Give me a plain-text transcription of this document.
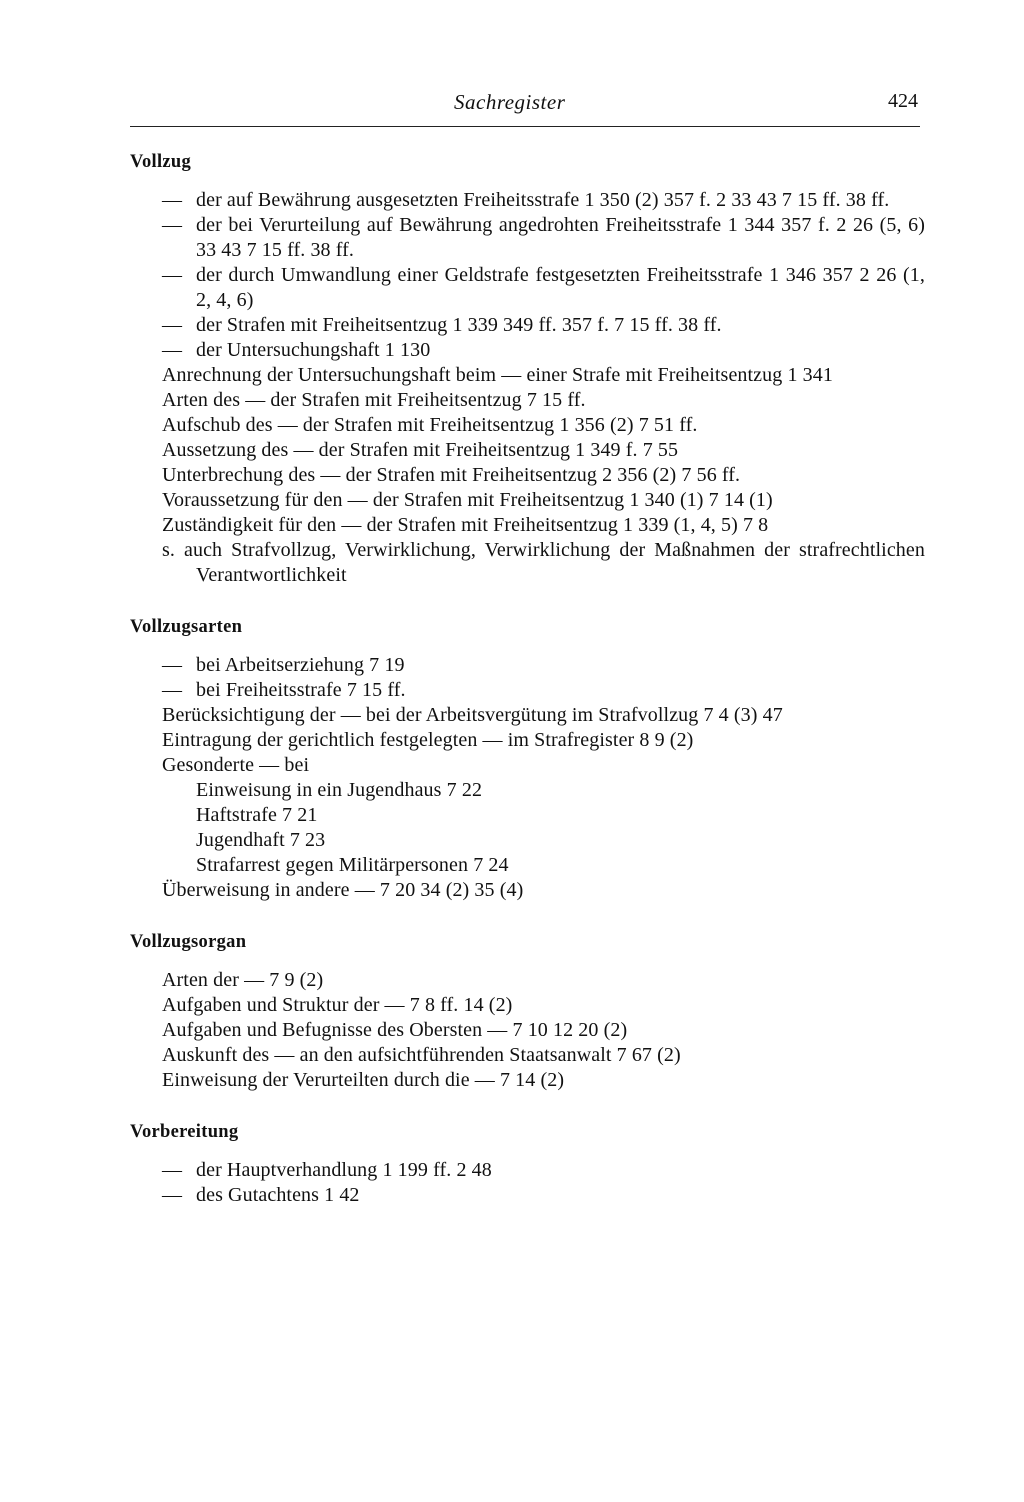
Sachregister	424
Vollzug
— der auf Bewährung ausgesetzten Freiheitsstrafe 1 350 (2) 357 f. 2 33 43 7 15 ff. 38 ff.
— der bei Verurteilung auf Bewährung angedrohten Freiheitsstrafe 1 344 357 f. 2 26 (5, 6) 33 43 7 15 ff. 38 ff.
— der durch Umwandlung einer Geldstrafe festgesetzten Freiheitsstrafe 1 346 357 2 26 (1, 2, 4, 6)
— der Strafen mit Freiheitsentzug 1 339 349 ff. 357 f. 7 15 ff. 38 ff.
— der Untersuchungshaft 1 130
Anrechnung der Untersuchungshaft beim — einer Strafe mit Freiheitsentzug 1 341
Arten des — der Strafen mit Freiheitsentzug 7 15 ff.
Aufschub des — der Strafen mit Freiheitsentzug 1 356 (2) 7 51 ff.
Aussetzung des — der Strafen mit Freiheitsentzug 1 349 f. 7 55
Unterbrechung des — der Strafen mit Freiheitsentzug 2 356 (2) 7 56 ff.
Voraussetzung für den — der Strafen mit Freiheitsentzug 1 340 (1) 7 14 (1)
Zuständigkeit für den — der Strafen mit Freiheitsentzug 1 339 (1, 4, 5) 7 8
s. auch Strafvollzug, Verwirklichung, Verwirklichung der Maßnahmen der strafrechtlichen Verantwortlichkeit
Vollzugsarten
— bei Arbeitserziehung 7 19
— bei Freiheitsstrafe 7 15 ff.
Berücksichtigung der — bei der Arbeitsvergütung im Strafvollzug 7 4 (3) 47
Eintragung der gerichtlich festgelegten — im Strafregister 8 9 (2)
Gesonderte — bei
Einweisung in ein Jugendhaus 7 22
Haftstrafe 7 21
Jugendhaft 7 23
Strafarrest gegen Militärpersonen 7 24
Überweisung in andere — 7 20 34 (2) 35 (4)
Vollzugsorgan
Arten der — 7 9 (2)
Aufgaben und Struktur der — 7 8 ff. 14 (2)
Aufgaben und Befugnisse des Obersten — 7 10 12 20 (2)
Auskunft des — an den aufsichtführenden Staatsanwalt 7 67 (2)
Einweisung der Verurteilten durch die — 7 14 (2)
Vorbereitung
— der Hauptverhandlung 1 199 ff. 2 48
— des Gutachtens 1 42
